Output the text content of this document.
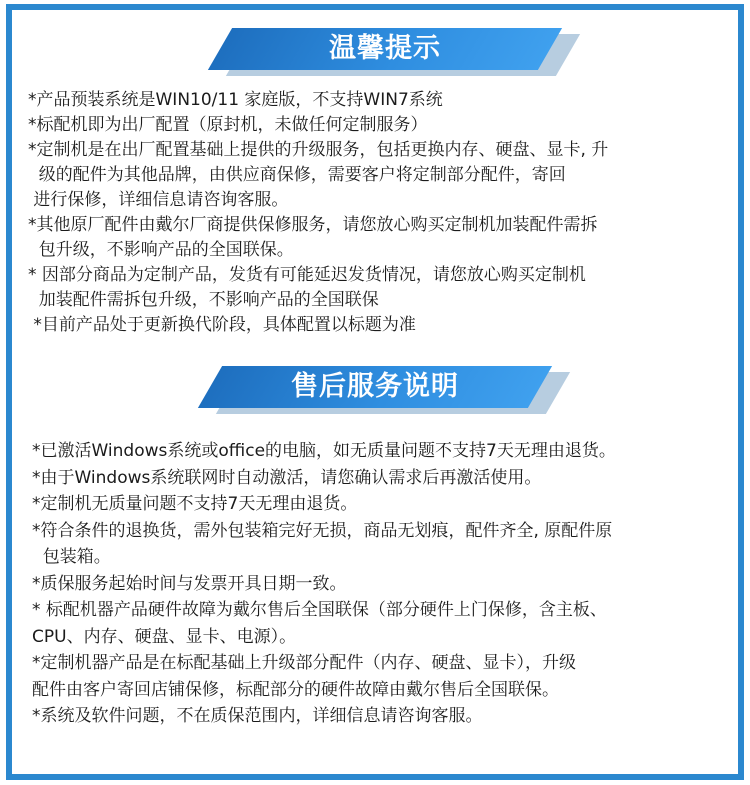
温馨提示
*产品预装系统是WIN10/11 家庭版，不支持WIN7系统
*标配机即为出厂配置（原封机，未做任何定制服务）
*定制机是在出厂配置基础上提供的升级服务，包括更换内存、硬盘、显卡, 升
级的配件为其他品牌，由供应商保修，需要客户将定制部分配件，寄回
进行保修，详细信息请咨询客服。
*其他原厂配件由戴尔厂商提供保修服务，请您放心购买定制机加装配件需拆
包升级，不影响产品的全国联保。
* 因部分商品为定制产品，发货有可能延迟发货情况，请您放心购买定制机
加装配件需拆包升级，不影响产品的全国联保
*目前产品处于更新换代阶段，具体配置以标题为准
售后服务说明
*已激活Windows系统或office的电脑，如无质量问题不支持7天无理由退货。
*由于Windows系统联网时自动激活，请您确认需求后再激活使用。
*定制机无质量问题不支持7天无理由退货。
*符合条件的退换货，需外包装箱完好无损，商品无划痕，配件齐全, 原配件原
包装箱。
*质保服务起始时间与发票开具日期一致。
* 标配机器产品硬件故障为戴尔售后全国联保（部分硬件上门保修，含主板、
CPU、内存、硬盘、显卡、电源）。
*定制机器产品是在标配基础上升级部分配件（内存、硬盘、显卡），升级
配件由客户寄回店铺保修，标配部分的硬件故障由戴尔售后全国联保。
*系统及软件问题，不在质保范围内，详细信息请咨询客服。
